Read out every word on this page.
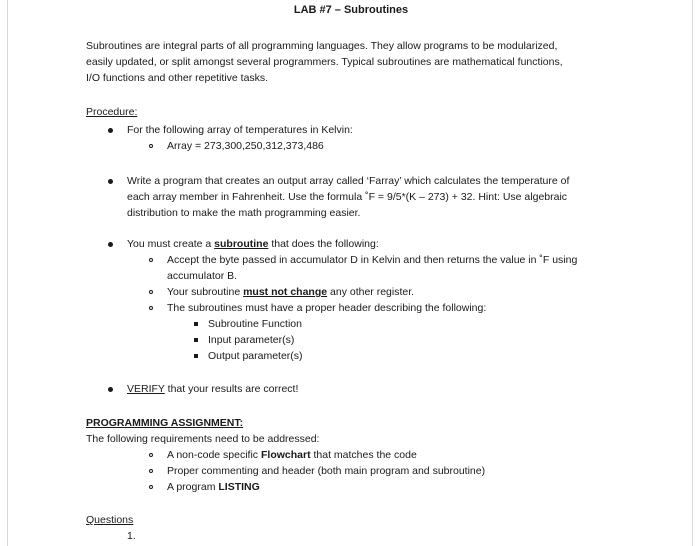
LAB #7 – Subroutines
Subroutines are integral parts of all programming languages. They allow programs to be modularized,
easily updated, or split amongst several programmers. Typical subroutines are mathematical functions,
I/O functions and other repetitive tasks.
Procedure:
For the following array of temperatures in Kelvin:
Array = 273,300,250,312,373,486
Write a program that creates an output array called ‘Farray’ which calculates the temperature of
each array member in Fahrenheit. Use the formula ˚F = 9/5*(K – 273) + 32. Hint: Use algebraic
distribution to make the math programming easier.
You must create a subroutine that does the following:
Accept the byte passed in accumulator D in Kelvin and then returns the value in ˚F using
accumulator B.
Your subroutine must not change any other register.
The subroutines must have a proper header describing the following:
Subroutine Function
Input parameter(s)
Output parameter(s)
VERIFY that your results are correct!
PROGRAMMING ASSIGNMENT:
The following requirements need to be addressed:
A non-code specific Flowchart that matches the code
Proper commenting and header (both main program and subroutine)
A program LISTING
Questions
1.
